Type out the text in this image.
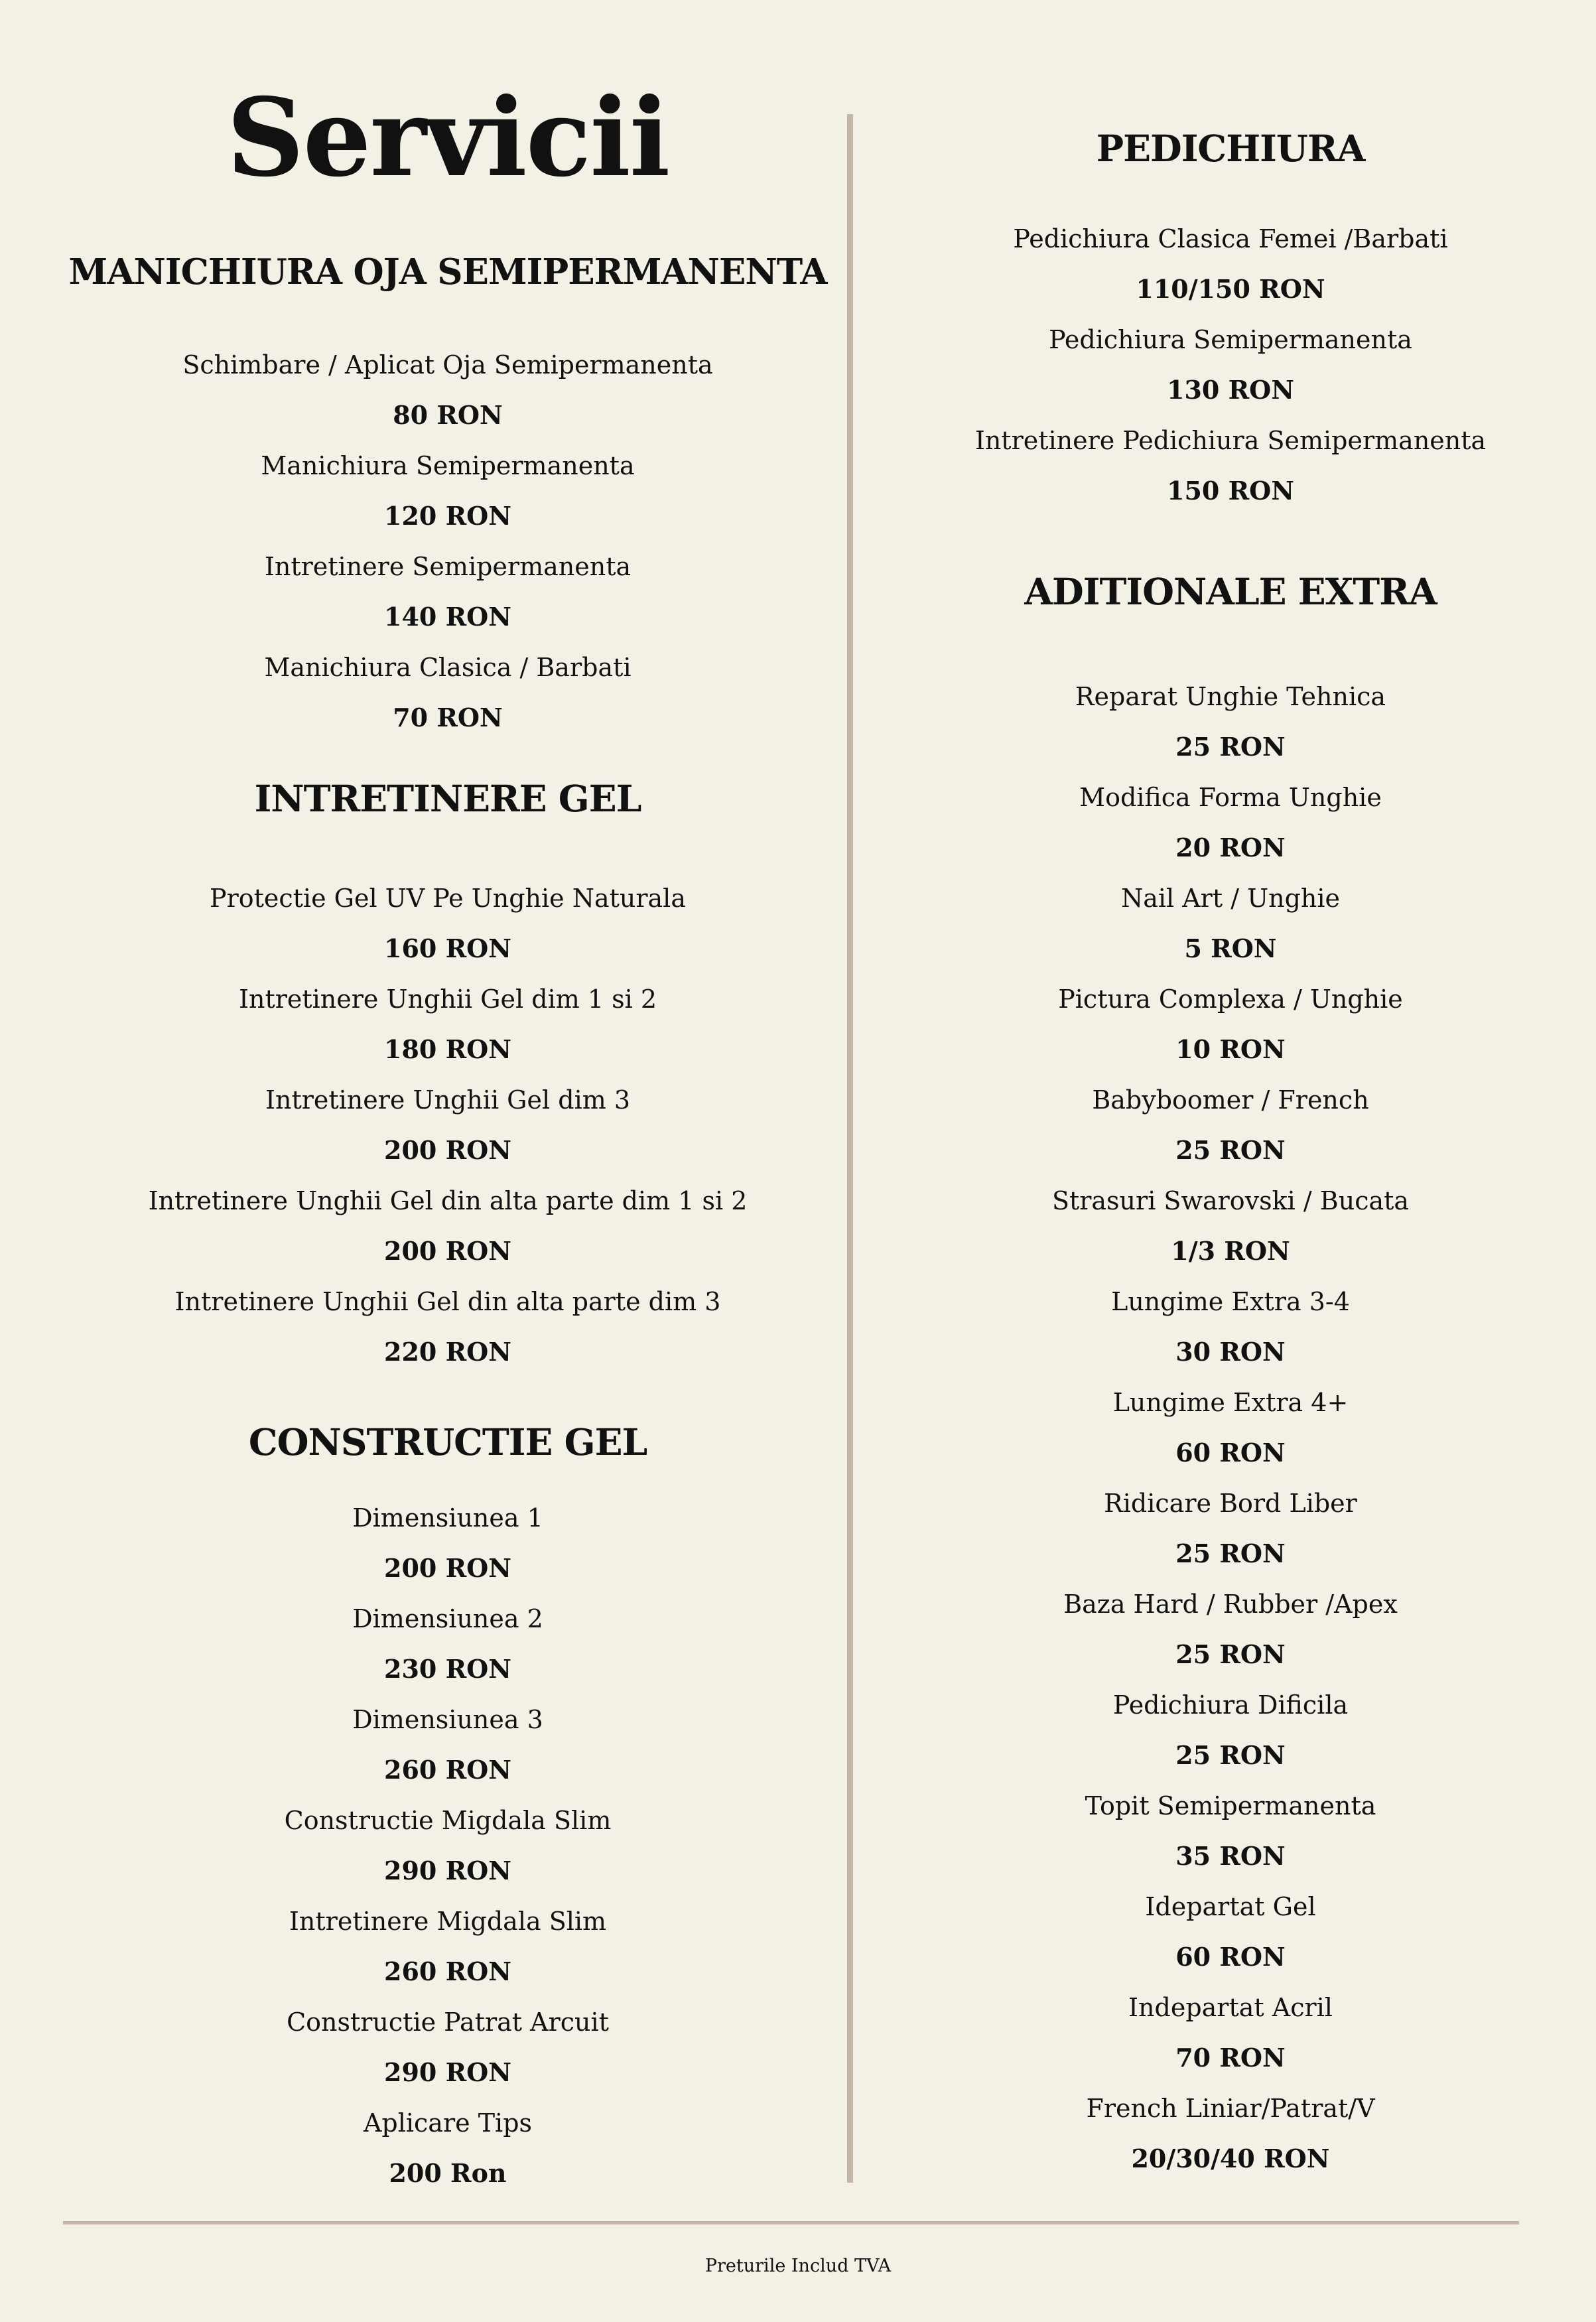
Servicii
MANICHIURA OJA SEMIPERMANENTA
Schimbare / Aplicat Oja Semipermanenta
80 RON
Manichiura Semipermanenta
120 RON
Intretinere Semipermanenta
140 RON
Manichiura Clasica / Barbati
70 RON
INTRETINERE GEL
Protectie Gel UV Pe Unghie Naturala
160 RON
Intretinere Unghii Gel dim 1 si 2
180 RON
Intretinere Unghii Gel dim 3
200 RON
Intretinere Unghii Gel din alta parte dim 1 si 2
200 RON
Intretinere Unghii Gel din alta parte dim 3
220 RON
CONSTRUCTIE GEL
Dimensiunea 1
200 RON
Dimensiunea 2
230 RON
Dimensiunea 3
260 RON
Constructie Migdala Slim
290 RON
Intretinere Migdala Slim
260 RON
Constructie Patrat Arcuit
290 RON
Aplicare Tips
200 Ron
PEDICHIURA
Pedichiura Clasica Femei /Barbati
110/150 RON
Pedichiura Semipermanenta
130 RON
Intretinere Pedichiura Semipermanenta
150 RON
ADITIONALE EXTRA
Reparat Unghie Tehnica
25 RON
Modifica Forma Unghie
20 RON
Nail Art / Unghie
5 RON
Pictura Complexa / Unghie
10 RON
Babyboomer / French
25 RON
Strasuri Swarovski / Bucata
1/3 RON
Lungime Extra 3-4
30 RON
Lungime Extra 4+
60 RON
Ridicare Bord Liber
25 RON
Baza Hard / Rubber /Apex
25 RON
Pedichiura Dificila
25 RON
Topit Semipermanenta
35 RON
Idepartat Gel
60 RON
Indepartat Acril
70 RON
French Liniar/Patrat/V
20/30/40 RON
Preturile Includ TVA
